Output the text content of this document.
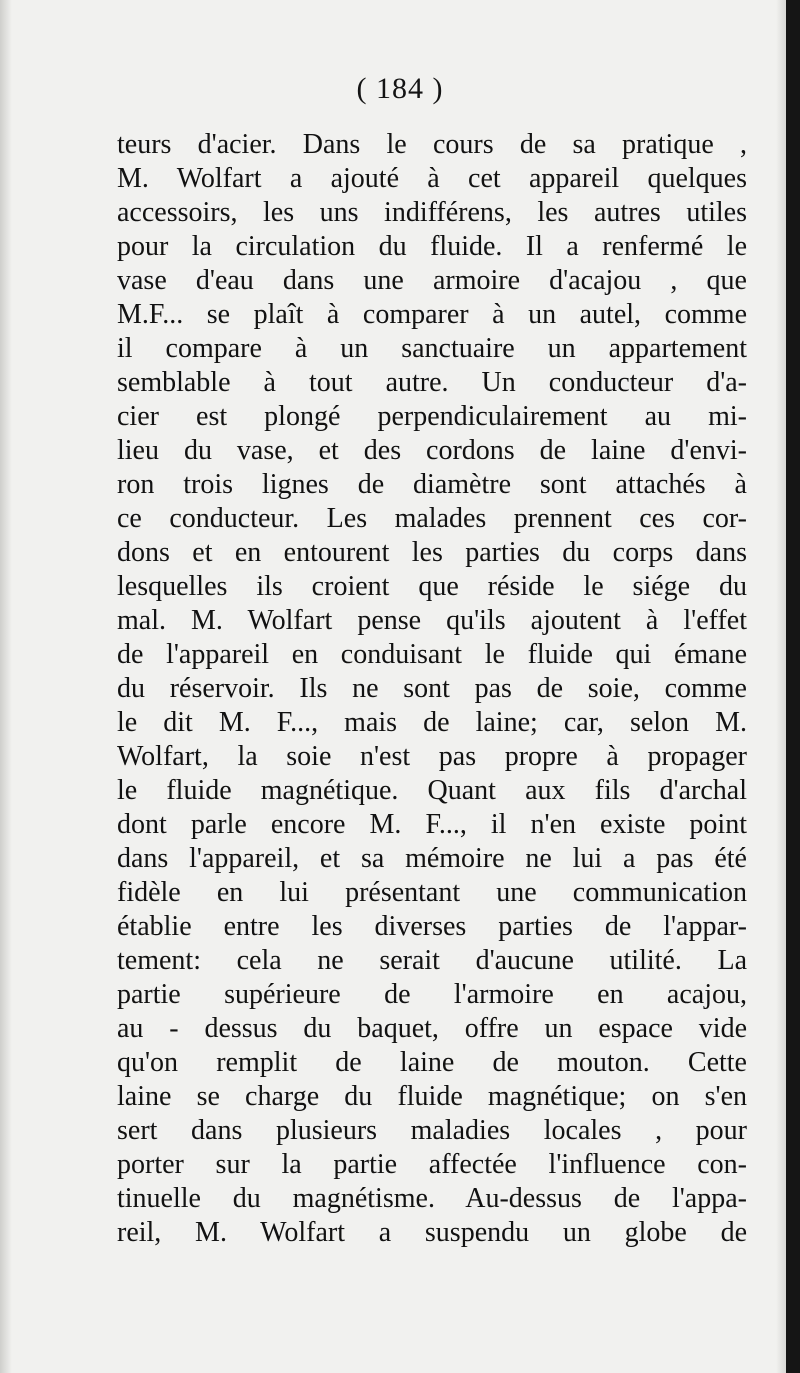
( 184 )
teurs d'acier. Dans le cours de sa pratique ,
M. Wolfart a ajouté à cet appareil quelques
accessoirs, les uns indifférens, les autres utiles
pour la circulation du fluide. Il a renfermé le
vase d'eau dans une armoire d'acajou , que
M.F... se plaît à comparer à un autel, comme
il compare à un sanctuaire un appartement
semblable à tout autre. Un conducteur d'a-
cier est plongé perpendiculairement au mi-
lieu du vase, et des cordons de laine d'envi-
ron trois lignes de diamètre sont attachés à
ce conducteur. Les malades prennent ces cor-
dons et en entourent les parties du corps dans
lesquelles ils croient que réside le siége du
mal. M. Wolfart pense qu'ils ajoutent à l'effet
de l'appareil en conduisant le fluide qui émane
du réservoir. Ils ne sont pas de soie, comme
le dit M. F..., mais de laine; car, selon M.
Wolfart, la soie n'est pas propre à propager
le fluide magnétique. Quant aux fils d'archal
dont parle encore M. F..., il n'en existe point
dans l'appareil, et sa mémoire ne lui a pas été
fidèle en lui présentant une communication
établie entre les diverses parties de l'appar-
tement: cela ne serait d'aucune utilité. La
partie supérieure de l'armoire en acajou,
au - dessus du baquet, offre un espace vide
qu'on remplit de laine de mouton. Cette
laine se charge du fluide magnétique; on s'en
sert dans plusieurs maladies locales , pour
porter sur la partie affectée l'influence con-
tinuelle du magnétisme. Au-dessus de l'appa-
reil, M. Wolfart a suspendu un globe de
